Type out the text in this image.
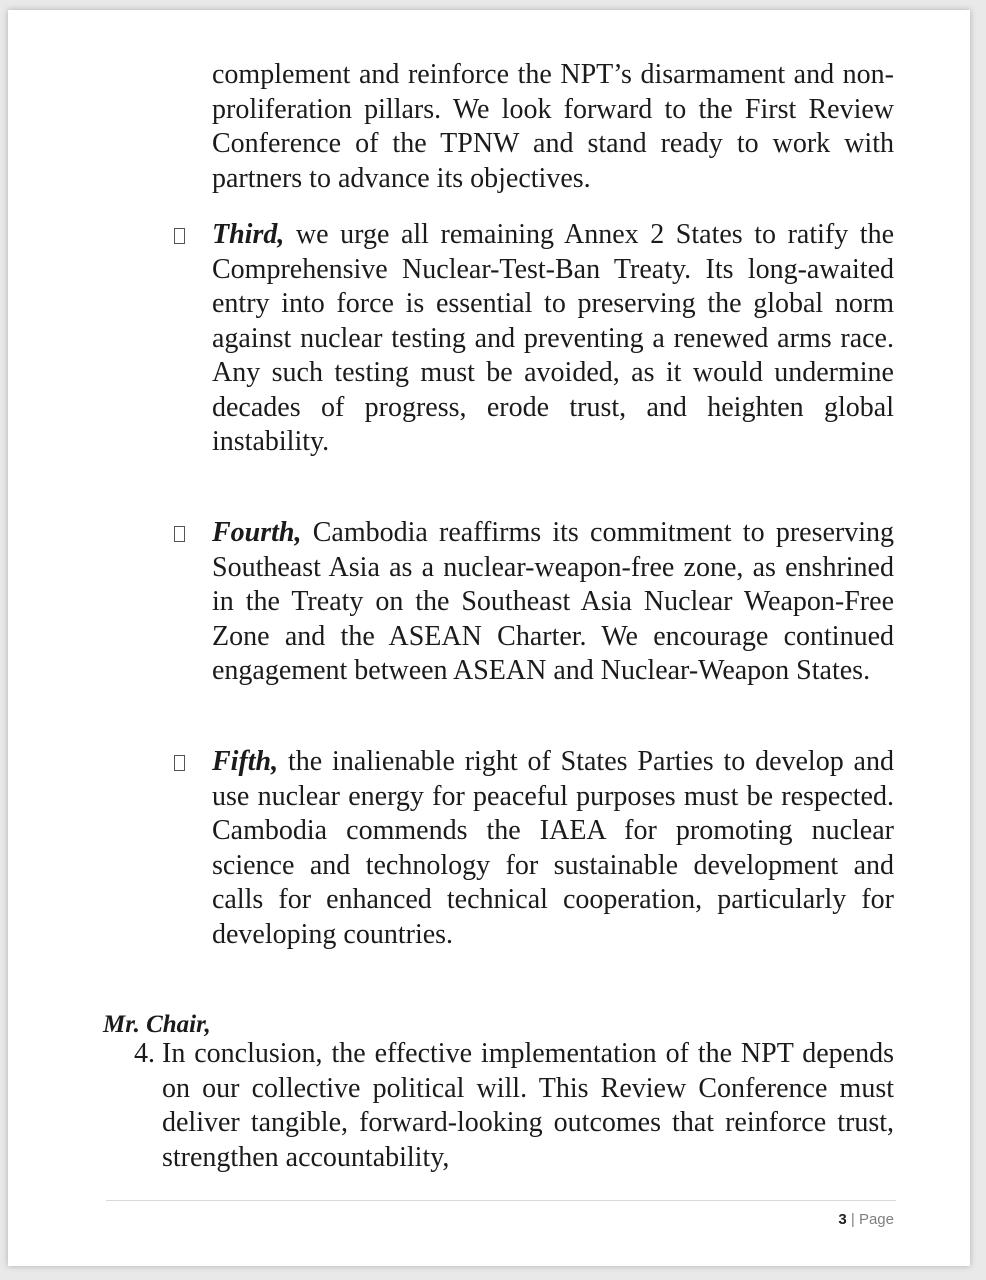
complement and reinforce the NPT’s disarmament and non-proliferation pillars. We look forward to the First Review Conference of the TPNW and stand ready to work with partners to advance its objectives.

Third, we urge all remaining Annex 2 States to ratify the Comprehensive Nuclear-Test-Ban Treaty. Its long-awaited entry into force is essential to preserving the global norm against nuclear testing and preventing a renewed arms race. Any such testing must be avoided, as it would undermine decades of progress, erode trust, and heighten global instability.

Fourth, Cambodia reaffirms its commitment to preserving Southeast Asia as a nuclear-weapon-free zone, as enshrined in the Treaty on the Southeast Asia Nuclear Weapon-Free Zone and the ASEAN Charter. We encourage continued engagement between ASEAN and Nuclear-Weapon States.

Fifth, the inalienable right of States Parties to develop and use nuclear energy for peaceful purposes must be respected. Cambodia commends the IAEA for promoting nuclear science and technology for sustainable development and calls for enhanced technical cooperation, particularly for developing countries.

Mr. Chair,
4. In conclusion, the effective implementation of the NPT depends on our collective political will. This Review Conference must deliver tangible, forward-looking outcomes that reinforce trust, strengthen accountability,

3 | Page
